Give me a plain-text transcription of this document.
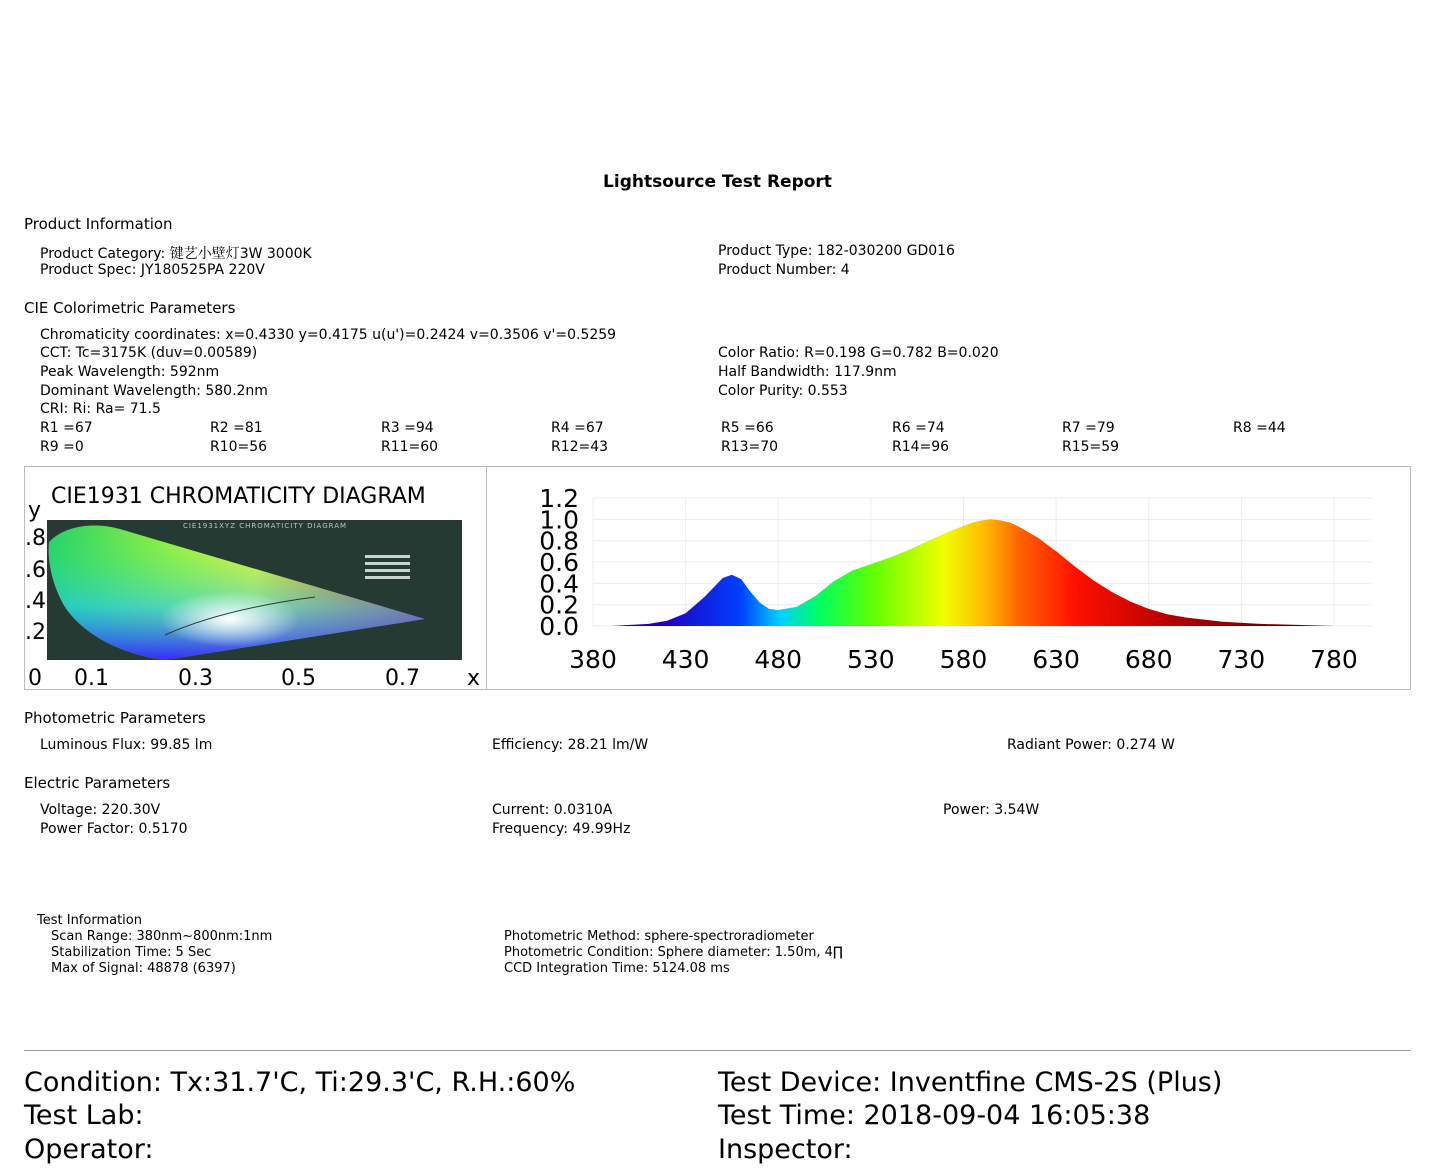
Lightsource Test Report
Product Information
Product Category: 键艺小壁灯3W 3000K
Product Spec: JY180525PA 220V
Product Type: 182-030200 GD016
Product Number: 4
CIE Colorimetric Parameters
Chromaticity coordinates: x=0.4330 y=0.4175 u(u')=0.2424 v=0.3506 v'=0.5259
CCT: Tc=3175K (duv=0.00589)
Peak Wavelength: 592nm
Dominant Wavelength: 580.2nm
CRI: Ri: Ra= 71.5
Color Ratio: R=0.198 G=0.782 B=0.020
Half Bandwidth: 117.9nm
Color Purity: 0.553
R1 =67	R2 =81	R3 =94	R4 =67	R5 =66	R6 =74	R7 =79	R8 =44
R9 =0	R10=56	R11=60	R12=43	R13=70	R14=96	R15=59
CIE1931XYZ CHROMATICITY DIAGRAM
CIE1931 CHROMATICITY DIAGRAM
y
x
.8
.6
.4
.2
0 0.1	0.3	0.5	0.7
0.0
0.2
0.4
0.6
0.8
1.0
1.2
380 430 480 530 580 630 680 730 780
Photometric Parameters
Luminous Flux: 99.85 lm	Efficiency: 28.21 lm/W	Radiant Power: 0.274 W
Electric Parameters
Voltage: 220.30V
Power Factor: 0.5170
Current: 0.0310A
Frequency: 49.99Hz
Power: 3.54W
Test Information
Scan Range: 380nm~800nm:1nm
Stabilization Time: 5 Sec
Max of Signal: 48878 (6397)
Photometric Method: sphere-spectroradiometer
Photometric Condition: Sphere diameter: 1.50m, 4∏
CCD Integration Time: 5124.08 ms
Condition: Tx:31.7'C, Ti:29.3'C, R.H.:60%
Test Lab:
Operator:
Test Device: Inventfine CMS-2S (Plus)
Test Time: 2018-09-04 16:05:38
Inspector:
